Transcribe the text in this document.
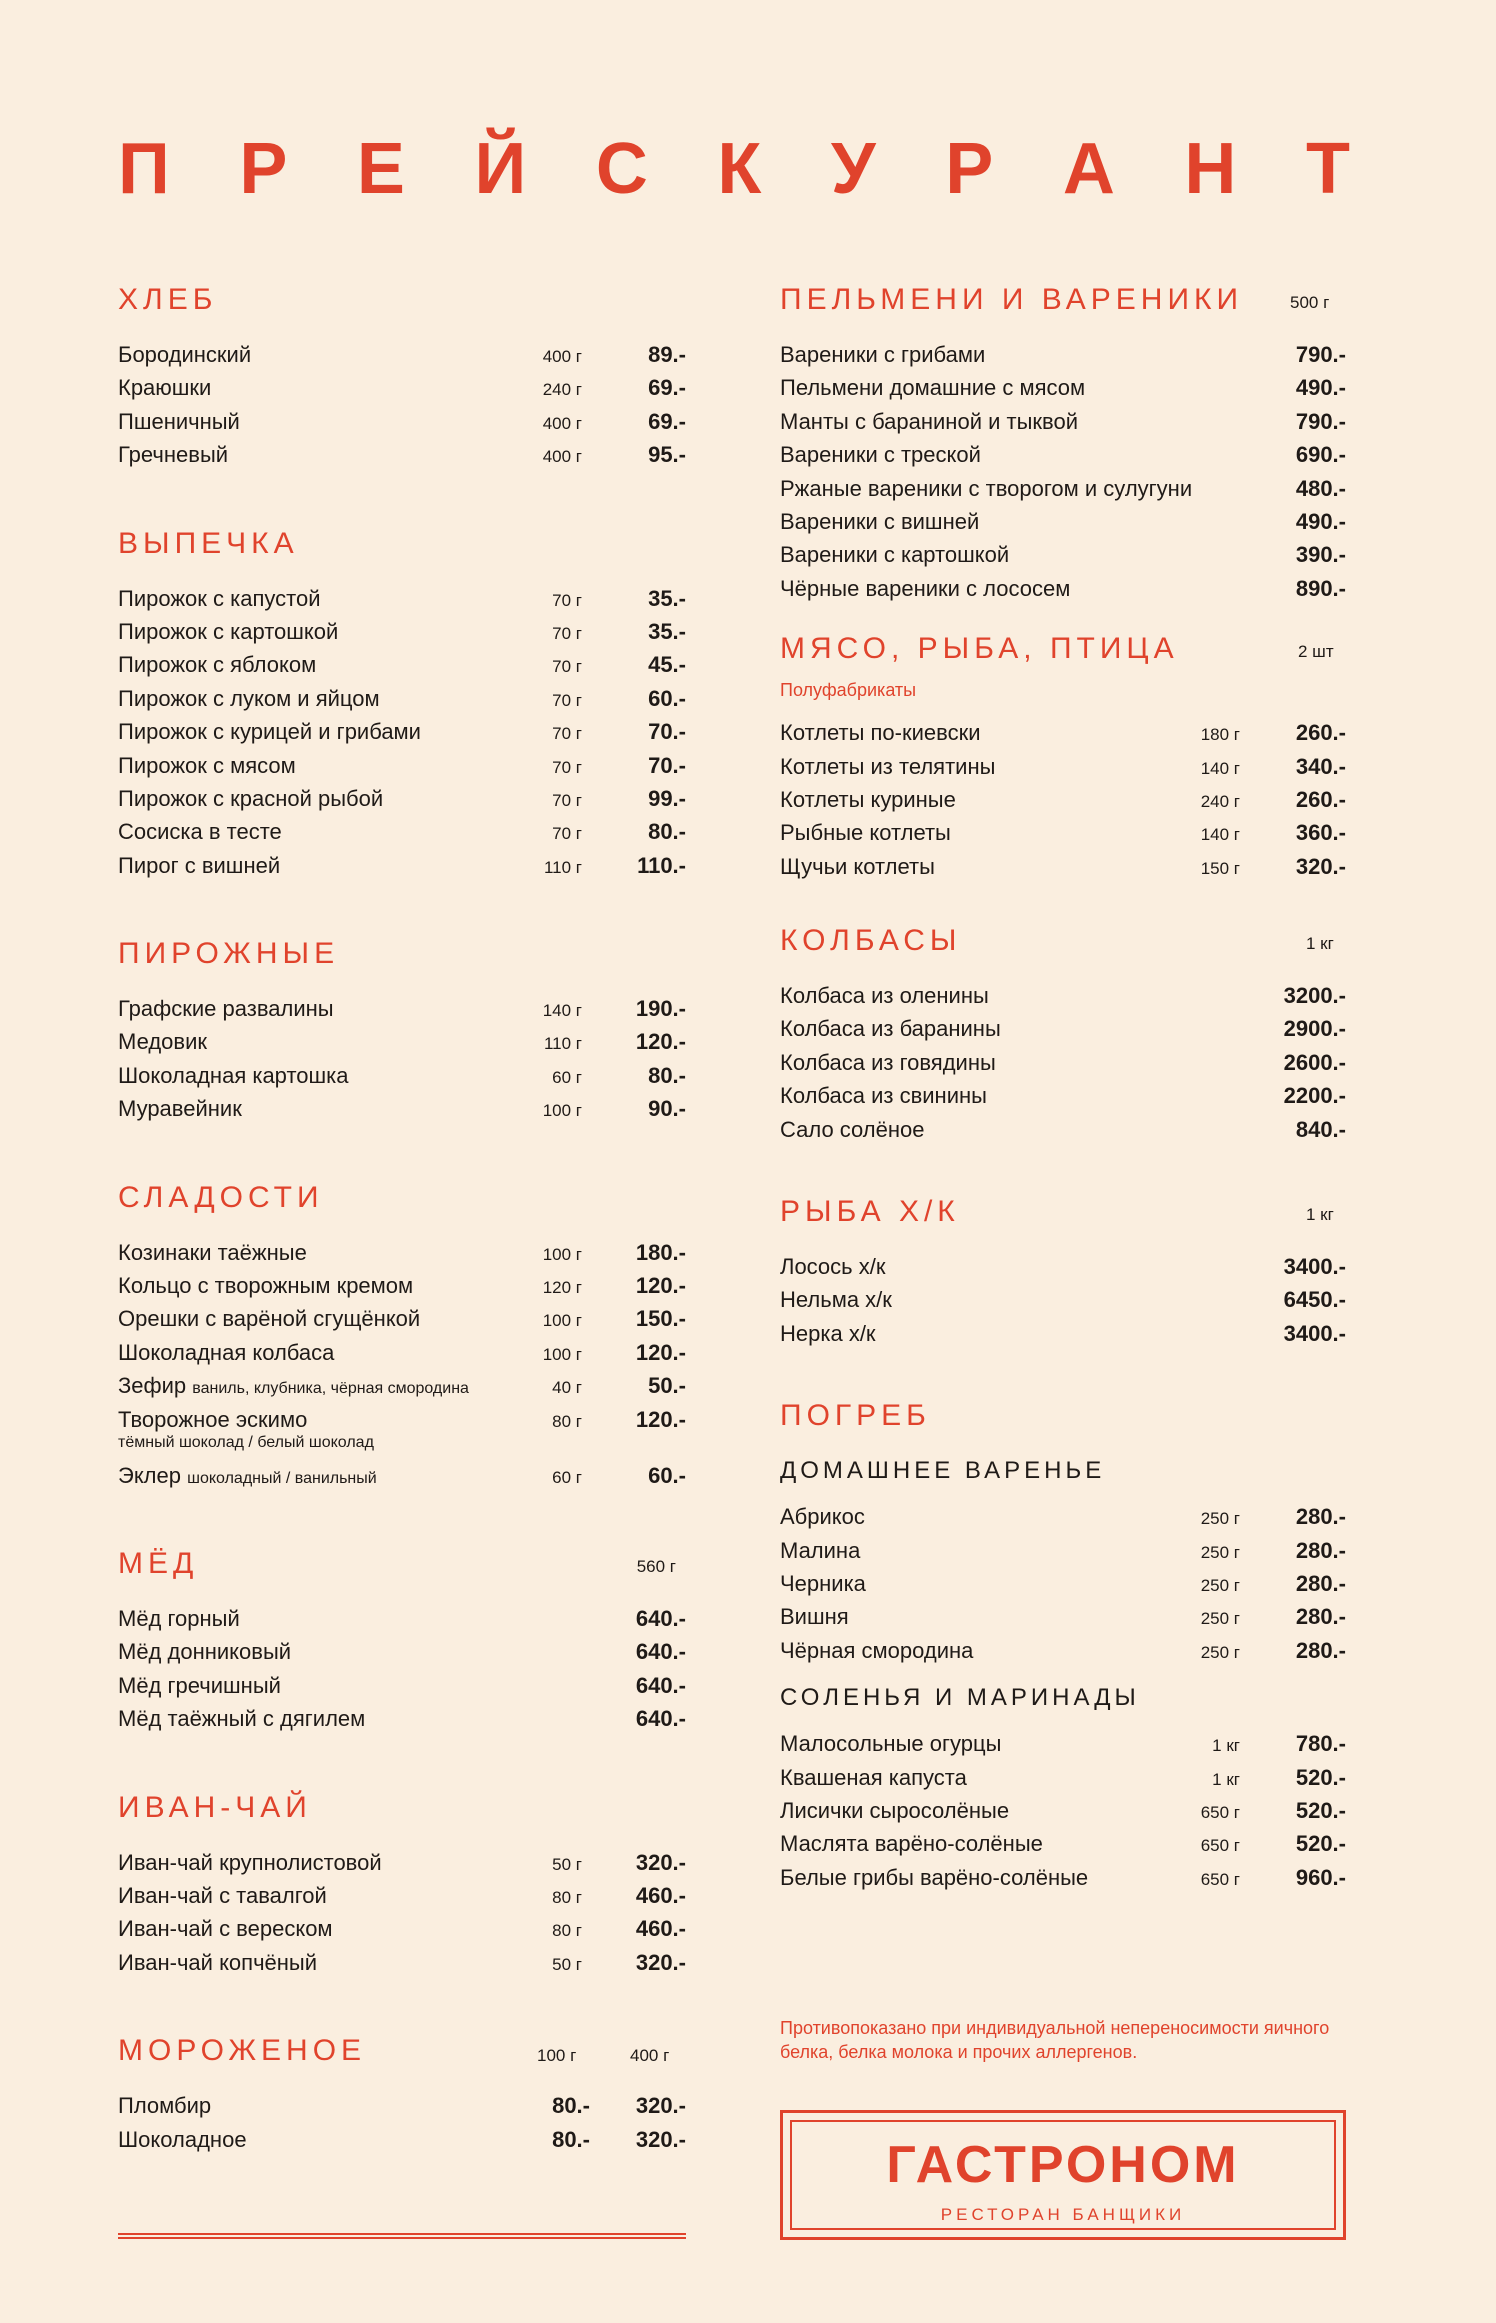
П Р Е Й С К У Р А Н Т
ХЛЕБ
Бородинский	400 г	89.-
Краюшки	240 г	69.-
Пшеничный	400 г	69.-
Гречневый	400 г	95.-
ВЫПЕЧКА
Пирожок с капустой	70 г	35.-
Пирожок с картошкой	70 г	35.-
Пирожок с яблоком	70 г	45.-
Пирожок с луком и яйцом	70 г	60.-
Пирожок с курицей и грибами	70 г	70.-
Пирожок с мясом	70 г	70.-
Пирожок с красной рыбой	70 г	99.-
Сосиска в тесте	70 г	80.-
Пирог с вишней	110 г	110.-
ПИРОЖНЫЕ
Графские развалины	140 г 190.-
Медовик	110 г 120.-
Шоколадная картошка	60 г	80.-
Муравейник	100 г	90.-
СЛАДОСТИ
Козинаки таёжные	100 г 180.-
Кольцо с творожным кремом	120 г 120.-
Орешки с варёной сгущёнкой	100 г 150.-
Шоколадная колбаса	100 г 120.-
Зефир ваниль, клубника, чёрная смородина	40 г	50.-
Творожное эскимо
тёмный шоколад / белый шоколад
80 г 120.-
Эклер шоколадный / ванильный	60 г	60.-
МЁД	560 г
Мёд горный	640.-
Мёд донниковый	640.-
Мёд гречишный	640.-
Мёд таёжный с дягилем	640.-
ИВАН-ЧАЙ
Иван-чай крупнолистовой	50 г 320.-
Иван-чай с тавалгой	80 г 460.-
Иван-чай с вереском	80 г 460.-
Иван-чай копчёный	50 г 320.-
МОРОЖЕНОЕ	100 г	400 г
Пломбир	80.- 320.-
Шоколадное	80.- 320.-
ПЕЛЬМЕНИ И ВАРЕНИКИ	500 г
Вареники с грибами	790.-
Пельмени домашние с мясом	490.-
Манты с бараниной и тыквой	790.-
Вареники с треской	690.-
Ржаные вареники с творогом и сулугуни	480.-
Вареники с вишней	490.-
Вареники с картошкой	390.-
Чёрные вареники с лососем	890.-
МЯСО, РЫБА, ПТИЦА	2 шт
Полуфабрикаты
Котлеты по-киевски	180 г	260.-
Котлеты из телятины	140 г	340.-
Котлеты куриные	240 г	260.-
Рыбные котлеты	140 г	360.-
Щучьи котлеты	150 г	320.-
КОЛБАСЫ	1 кг
Колбаса из оленины	3200.-
Колбаса из баранины	2900.-
Колбаса из говядины	2600.-
Колбаса из свинины	2200.-
Сало солёное	840.-
РЫБА Х/К	1 кг
Лосось х/к	3400.-
Нельма х/к	6450.-
Нерка х/к	3400.-
ПОГРЕБ
ДОМАШНЕЕ ВАРЕНЬЕ
Абрикос	250 г	280.-
Малина	250 г	280.-
Черника	250 г	280.-
Вишня	250 г	280.-
Чёрная смородина	250 г	280.-
СОЛЕНЬЯ И МАРИНАДЫ
Малосольные огурцы	1 кг	780.-
Квашеная капуста	1 кг	520.-
Лисички сыросолёные	650 г	520.-
Маслята варёно-солёные	650 г	520.-
Белые грибы варёно-солёные	650 г	960.-
Противопоказано при индивидуальной непереносимости яичного белка, белка молока и прочих аллергенов.
ГАСТРОНОМ
РЕСТОРАН БАНЩИКИ
